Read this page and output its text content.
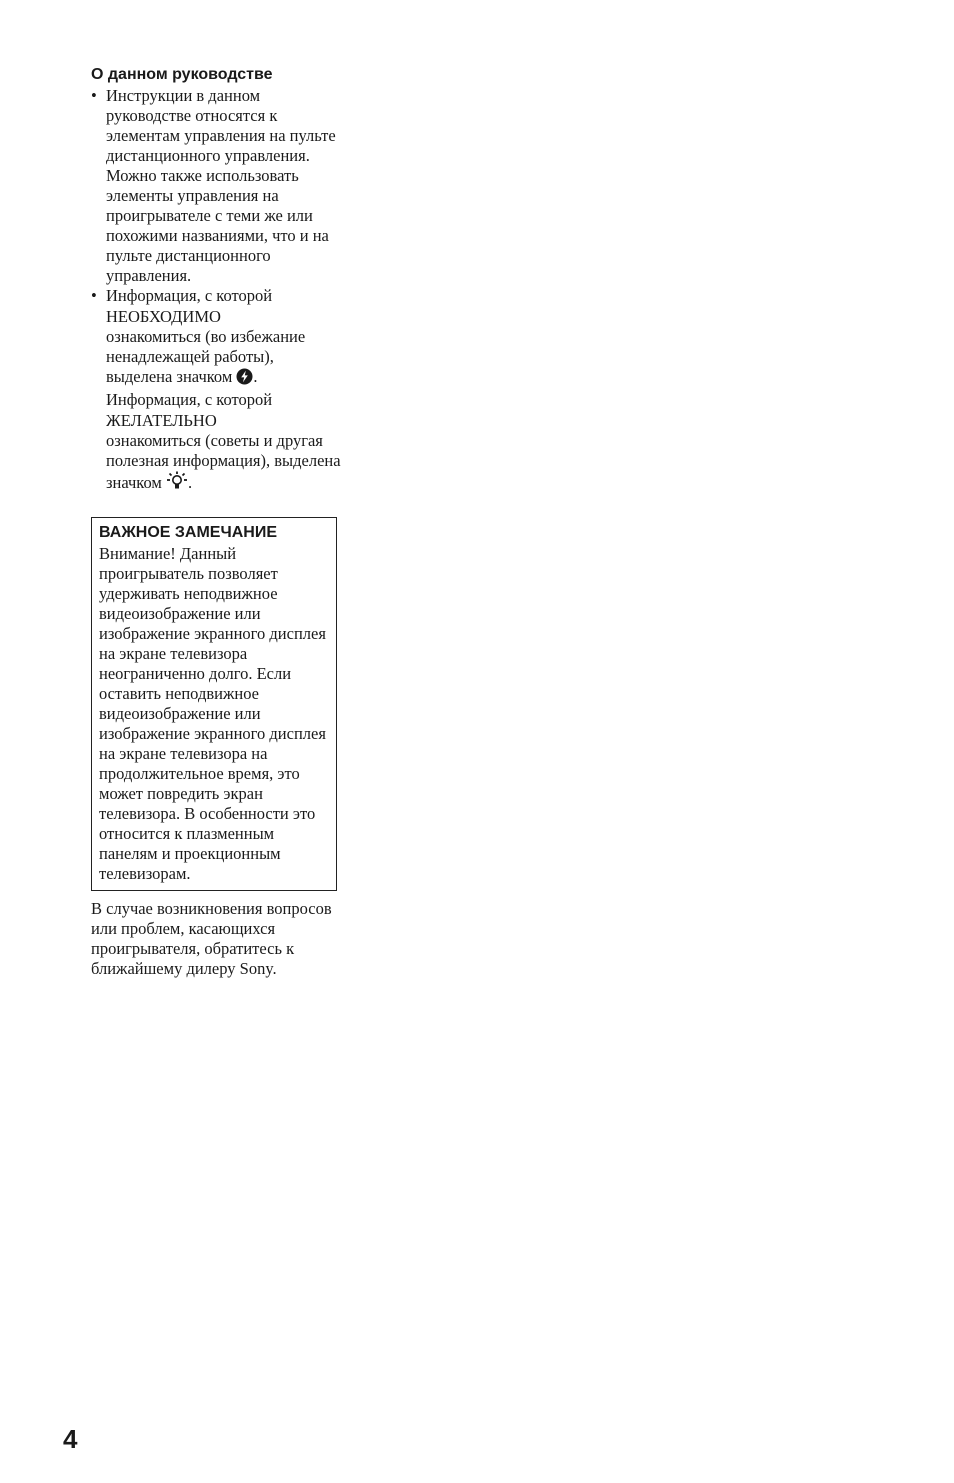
О данном руководстве
• Инструкции в данном руководстве относятся к элементам управления на пульте дистанционного управления. Можно также использовать элементы управления на проигрывателе с теми же или похожими названиями, что и на пульте дистанционного управления.
• Информация, с которой
НЕОБХОДИМО
ознакомиться (во избежание ненадлежащей работы), выделена значком .
Информация, с которой
ЖЕЛАТЕЛЬНО
ознакомиться (советы и другая полезная информация), выделена значком .
ВАЖНОЕ ЗАМЕЧАНИЕ
Внимание! Данный проигрыватель позволяет удерживать неподвижное видеоизображение или изображение экранного дисплея на экране телевизора неограниченно долго. Если оставить неподвижное видеоизображение или изображение экранного дисплея на экране телевизора на продолжительное время, это может повредить экран телевизора. В особенности это относится к плазменным панелям и проекционным телевизорам.
В случае возникновения вопросов или проблем, касающихся проигрывателя, обратитесь к ближайшему дилеру Sony.
4
